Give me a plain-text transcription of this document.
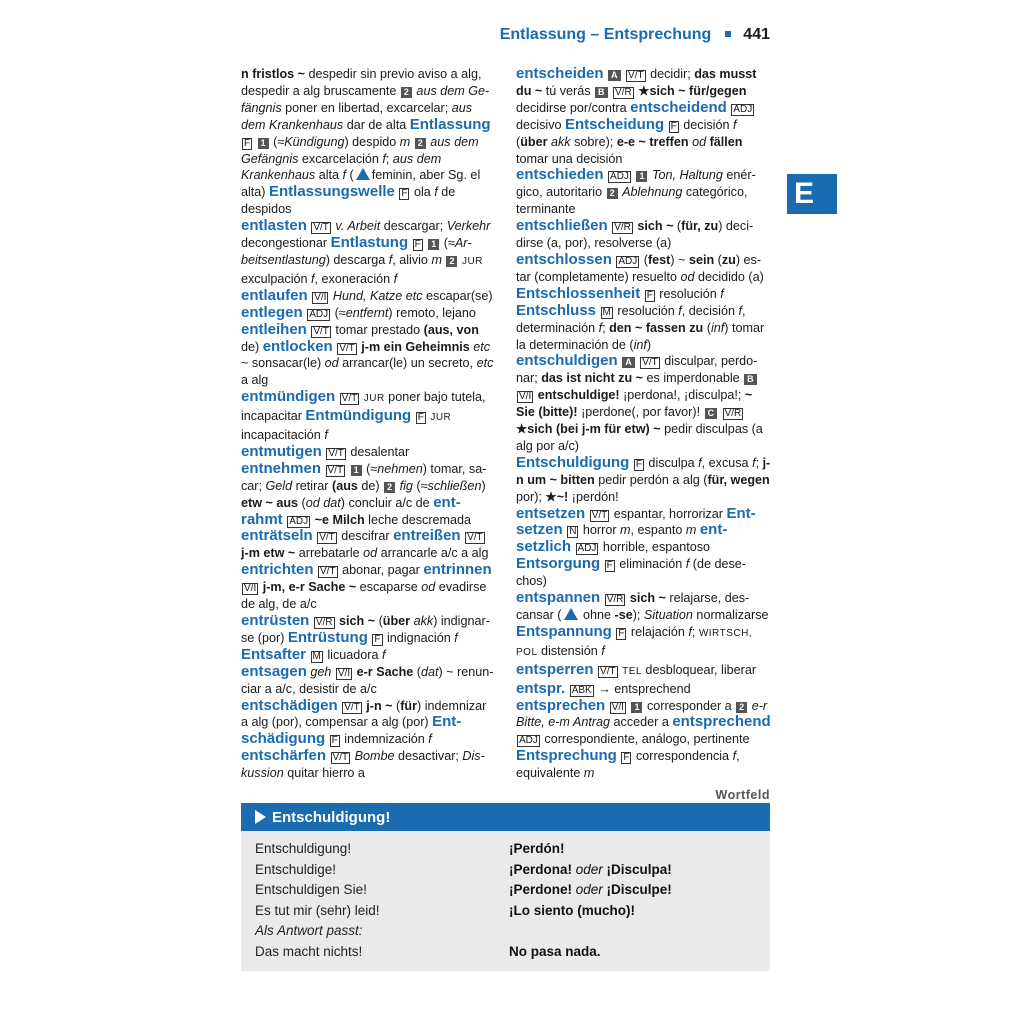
Entlassung – Entsprechung 441
E

n fristlos ~ despedir sin previo aviso a alg, despedir a alg bruscamente 2 aus dem Gefängnis poner en libertad, excarcelar; aus dem Krankenhaus dar de alta Entlassung F 1 (≈Kündigung) despido m 2 aus dem Gefängnis excarcelación f; aus dem Krankenhaus alta f ( feminin, aber Sg. el alta) Entlassungswelle F ola f de despidos

entlasten V/T v. Arbeit descargar; Verkehr decongestionar Entlastung F 1 (≈Arbeitsentlastung) descarga f, alivio m 2 JUR exculpación f, exoneración f

entlaufen V/I Hund, Katze etc escapar(se) entlegen ADJ (≈entfernt) remoto, lejano entleihen V/T tomar prestado (aus, von de) entlocken V/T j-m ein Geheimnis etc ~ sonsacar(le) od arrancar(le) un secreto, etc a alg

entmündigen V/T JUR poner bajo tutela, incapacitar Entmündigung F JUR incapacitación f

entmutigen V/T desalentar

entnehmen V/T 1 (≈nehmen) tomar, sacar; Geld retirar (aus de) 2 fig (≈schließen) etw ~ aus (od dat) concluir a/c de entrahmt ADJ ~e Milch leche descremada enträtseln V/T descifrar entreißen V/T j-m etw ~ arrebatarle od arrancarle a/c a alg entrichten V/T abonar, pagar entrinnen V/I j-m, e-r Sache ~ escaparse od evadirse de alg, de a/c

entrüsten V/R sich ~ (über akk) indignarse (por) Entrüstung F indignación f

Entsafter M licuadora f

entsagen geh V/I e-r Sache (dat) ~ renunciar a a/c, desistir de a/c

entschädigen V/T j-n ~ (für) indemnizar a alg (por), compensar a alg (por) Entschädigung F indemnización f

entschärfen V/T Bombe desactivar; Diskussion quitar hierro a

entscheiden A V/T decidir; das musst du ~ tú verás B V/R ★sich ~ für/gegen decidirse por/contra entscheidend ADJ decisivo Entscheidung F decisión f (über akk sobre); e-e ~ treffen od fällen tomar una decisión

entschieden ADJ 1 Ton, Haltung enérgico, autoritario 2 Ablehnung categórico, terminante

entschließen V/R sich ~ (für, zu) decidirse (a, por), resolverse (a)

entschlossen ADJ (fest) ~ sein (zu) estar (completamente) resuelto od decidido (a) Entschlossenheit F resolución f Entschluss M resolución f, decisión f, determinación f; den ~ fassen zu (inf) tomar la determinación de (inf)

entschuldigen A V/T disculpar, perdonar; das ist nicht zu ~ es imperdonable B V/I entschuldige! ¡perdona!, ¡disculpa!; ~ Sie (bitte)! ¡perdone(, por favor)! C V/R ★sich (bei j-m für etw) ~ pedir disculpas (a alg por a/c)

Entschuldigung F disculpa f, excusa f; j-n um ~ bitten pedir perdón a alg (für, wegen por); ★~! ¡perdón!

entsetzen V/T espantar, horrorizar Entsetzen N horror m, espanto m entsetzlich ADJ horrible, espantoso

Entsorgung F eliminación f (de desechos)

entspannen V/R sich ~ relajarse, descansar ( ohne -se); Situation normalizarse Entspannung F relajación f; WIRTSCH, POL distensión f

entsperren V/T TEL desbloquear, liberar

entspr. ABK → entsprechend

entsprechen V/I 1 corresponder a 2 e-r Bitte, e-m Antrag acceder a entsprechend ADJ correspondiente, análogo, pertinente Entsprechung F correspondencia f, equivalente m

Wortfeld
Entschuldigung!
Entschuldigung!	¡Perdón!
Entschuldige!	¡Perdona! oder ¡Disculpa!
Entschuldigen Sie!	¡Perdone! oder ¡Disculpe!
Es tut mir (sehr) leid!	¡Lo siento (mucho)!
Als Antwort passt:
Das macht nichts!	No pasa nada.
